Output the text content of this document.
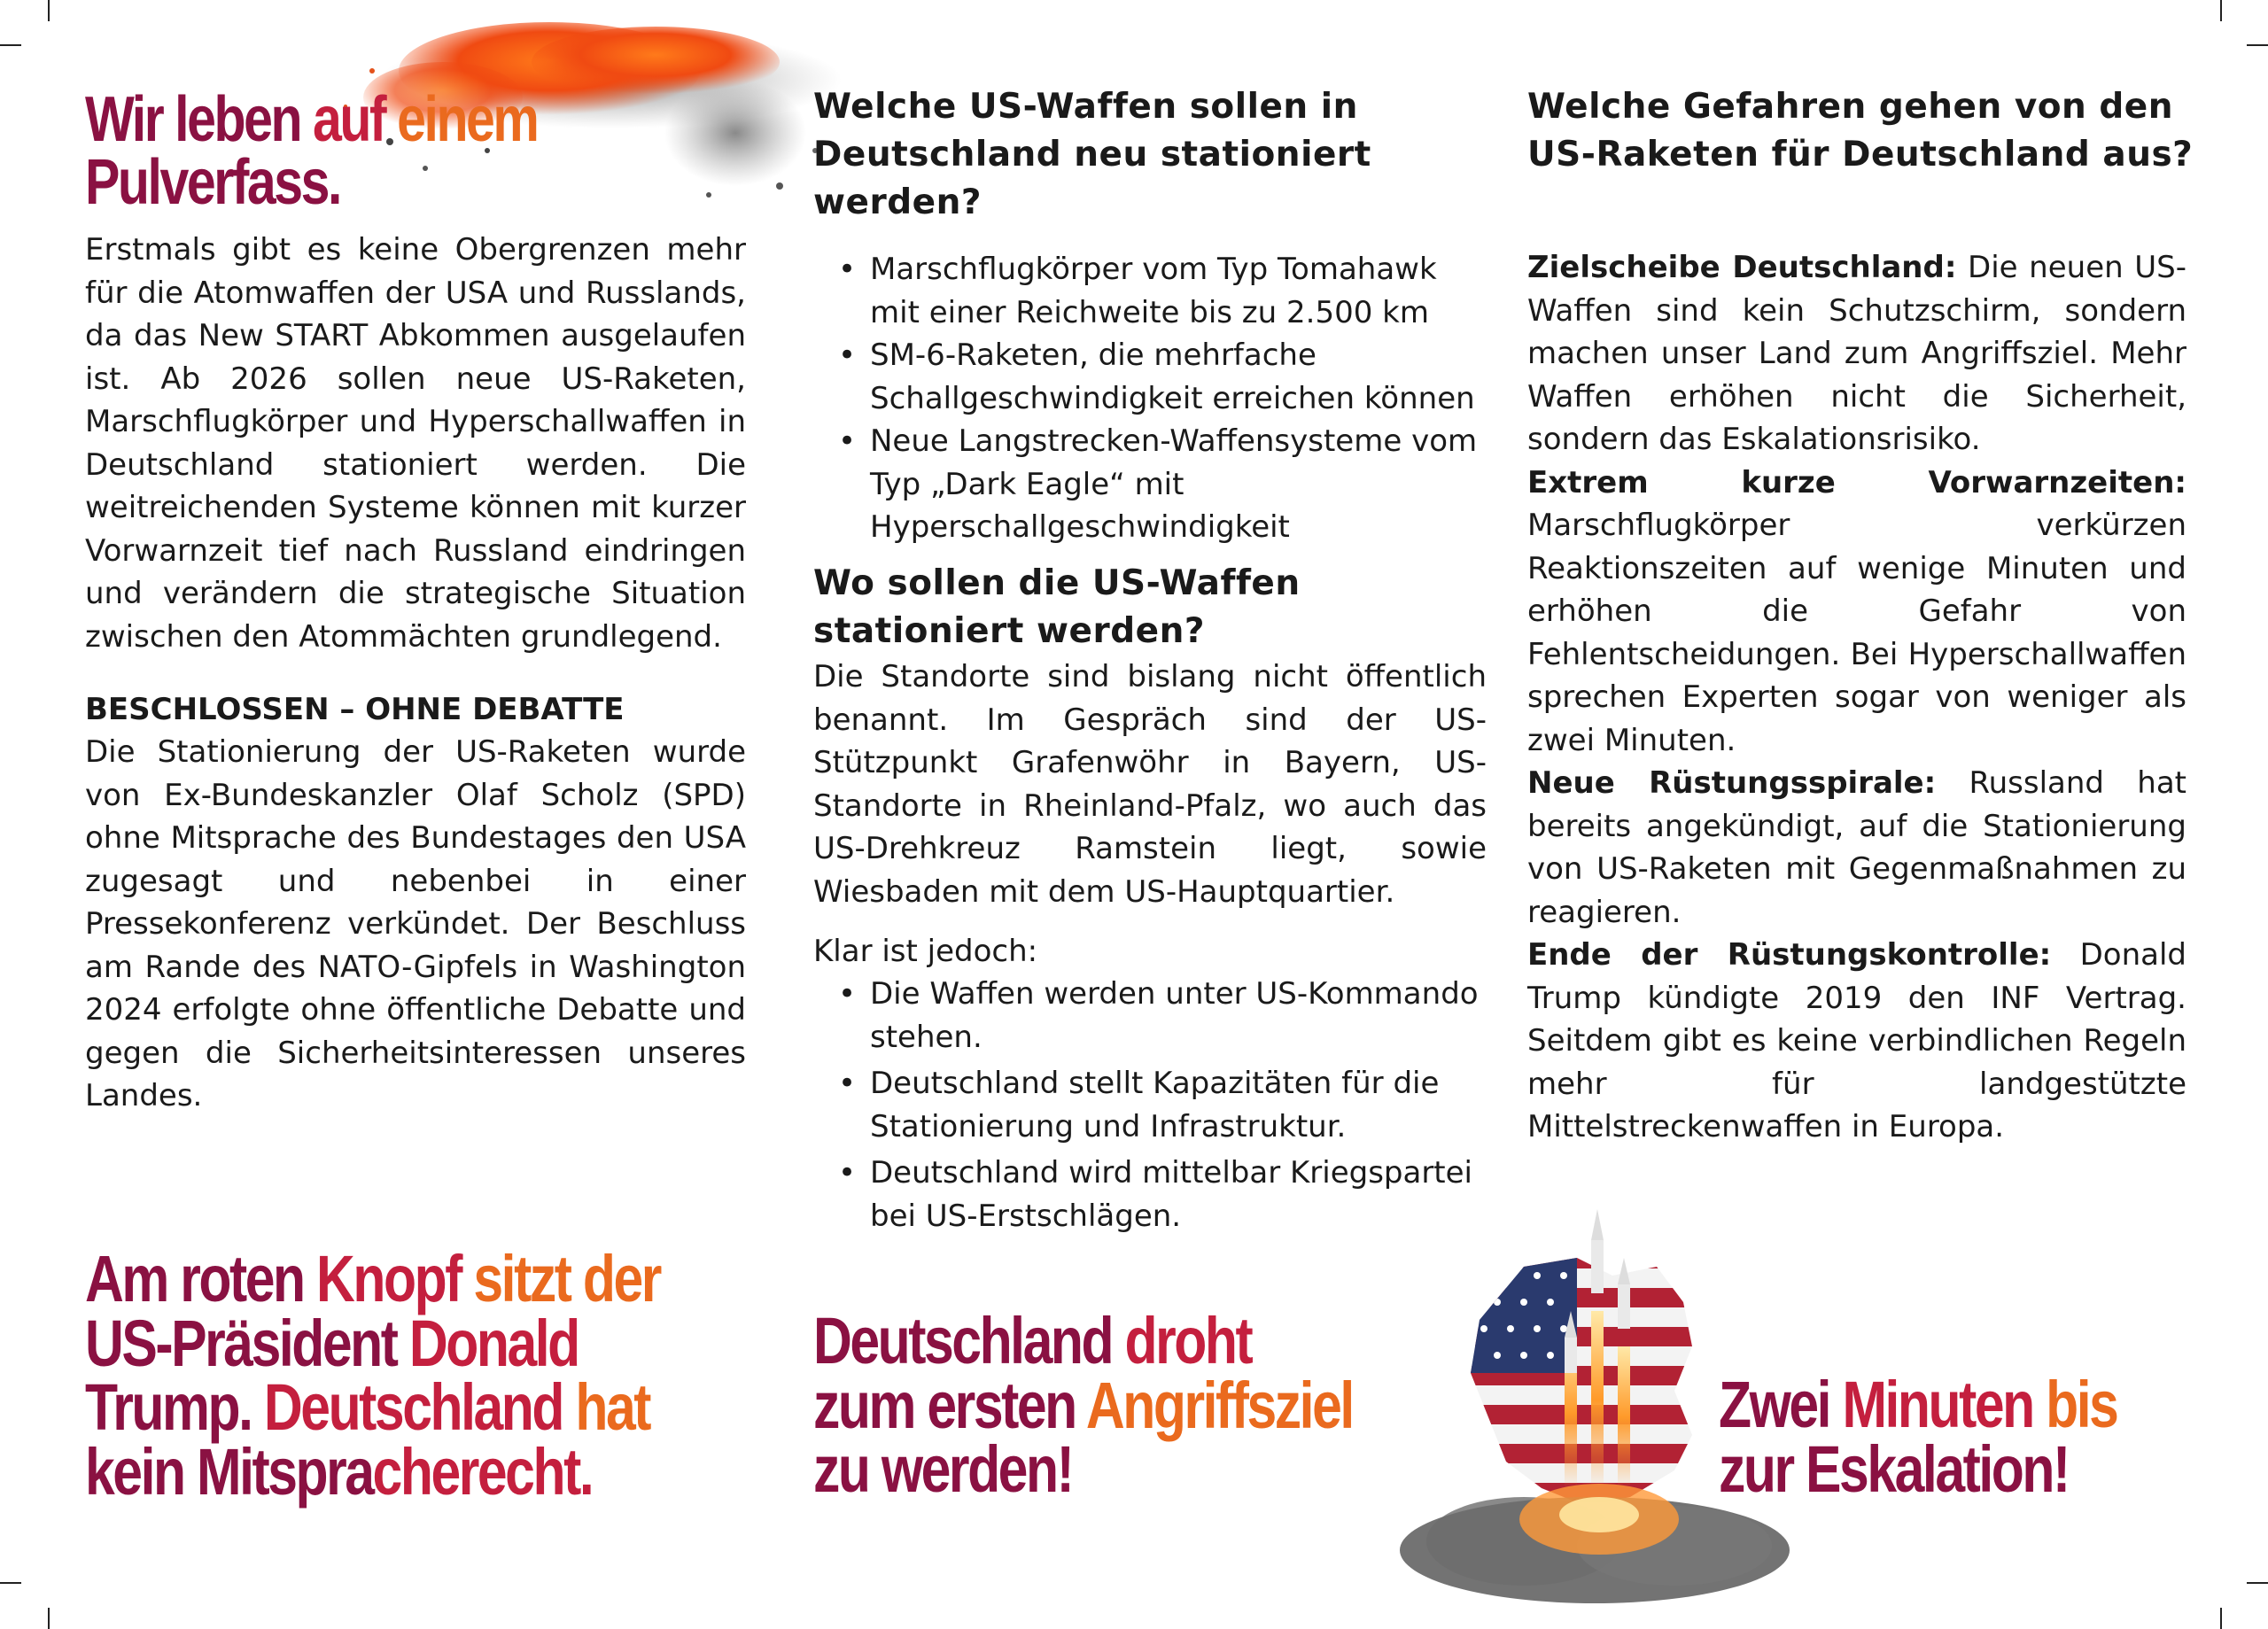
Wir leben auf einem
Pulverfass.

Erstmals gibt es keine Obergrenzen mehr für die Atomwaffen der USA und Russlands, da das New START Abkommen ausgelaufen ist. Ab 2026 sollen neue US-Raketen, Marschflugkörper und Hyperschallwaffen in Deutschland stationiert werden. Die weitreichenden Systeme können mit kurzer Vorwarnzeit tief nach Russland eindringen und verändern die strategische Situation zwischen den Atommächten grundlegend.

BESCHLOSSEN – OHNE DEBATTE

Die Stationierung der US-Raketen wurde von Ex-Bundeskanzler Olaf Scholz (SPD) ohne Mitsprache des Bundestages den USA zugesagt und nebenbei in einer Pressekonferenz verkündet. Der Beschluss am Rande des NATO-Gipfels in Washington 2024 erfolgte ohne öffentliche Debatte und gegen die Sicherheitsinteressen unseres Landes.

Am roten Knopf sitzt der
US-Präsident Donald
Trump. Deutschland hat
kein Mitspracherecht.
Welche US-Waffen sollen in Deutschland neu stationiert werden?
• Marschflugkörper vom Typ Tomahawk mit einer Reichweite bis zu 2.500 km
• SM-6-Raketen, die mehrfache Schallgeschwindigkeit erreichen können
• Neue Langstrecken-Waffensysteme vom Typ „Dark Eagle“ mit Hyperschallgeschwindigkeit
Wo sollen die US-Waffen stationiert werden?

Die Standorte sind bislang nicht öffentlich benannt. Im Gespräch sind der US-Stützpunkt Grafenwöhr in Bayern, US-Standorte in Rheinland-Pfalz, wo auch das US-Drehkreuz Ramstein liegt, sowie Wiesbaden mit dem US-Hauptquartier.

Klar ist jedoch:

• Die Waffen werden unter US-Kommando stehen.
• Deutschland stellt Kapazitäten für die Stationierung und Infrastruktur.
• Deutschland wird mittelbar Kriegspartei bei US-Erstschlägen.
Deutschland droht
zum ersten Angriffsziel
zu werden!
Welche Gefahren gehen von den US-Raketen für Deutschland aus?

Zielscheibe Deutschland: Die neuen US-Waffen sind kein Schutzschirm, sondern machen unser Land zum Angriffsziel. Mehr Waffen erhöhen nicht die Sicherheit, sondern das Eskalationsrisiko.

Extrem kurze Vorwarnzeiten: Marschflugkörper verkürzen Reaktionszeiten auf wenige Minuten und erhöhen die Gefahr von Fehlentscheidungen. Bei Hyperschallwaffen sprechen Experten sogar von weniger als zwei Minuten.

Neue Rüstungsspirale: Russland hat bereits angekündigt, auf die Stationierung von US-Raketen mit Gegenmaßnahmen zu reagieren.

Ende der Rüstungskontrolle: Donald Trump kündigte 2019 den INF Vertrag. Seitdem gibt es keine verbindlichen Regeln mehr für landgestützte Mittelstreckenwaffen in Europa.

Zwei Minuten bis
zur Eskalation!
